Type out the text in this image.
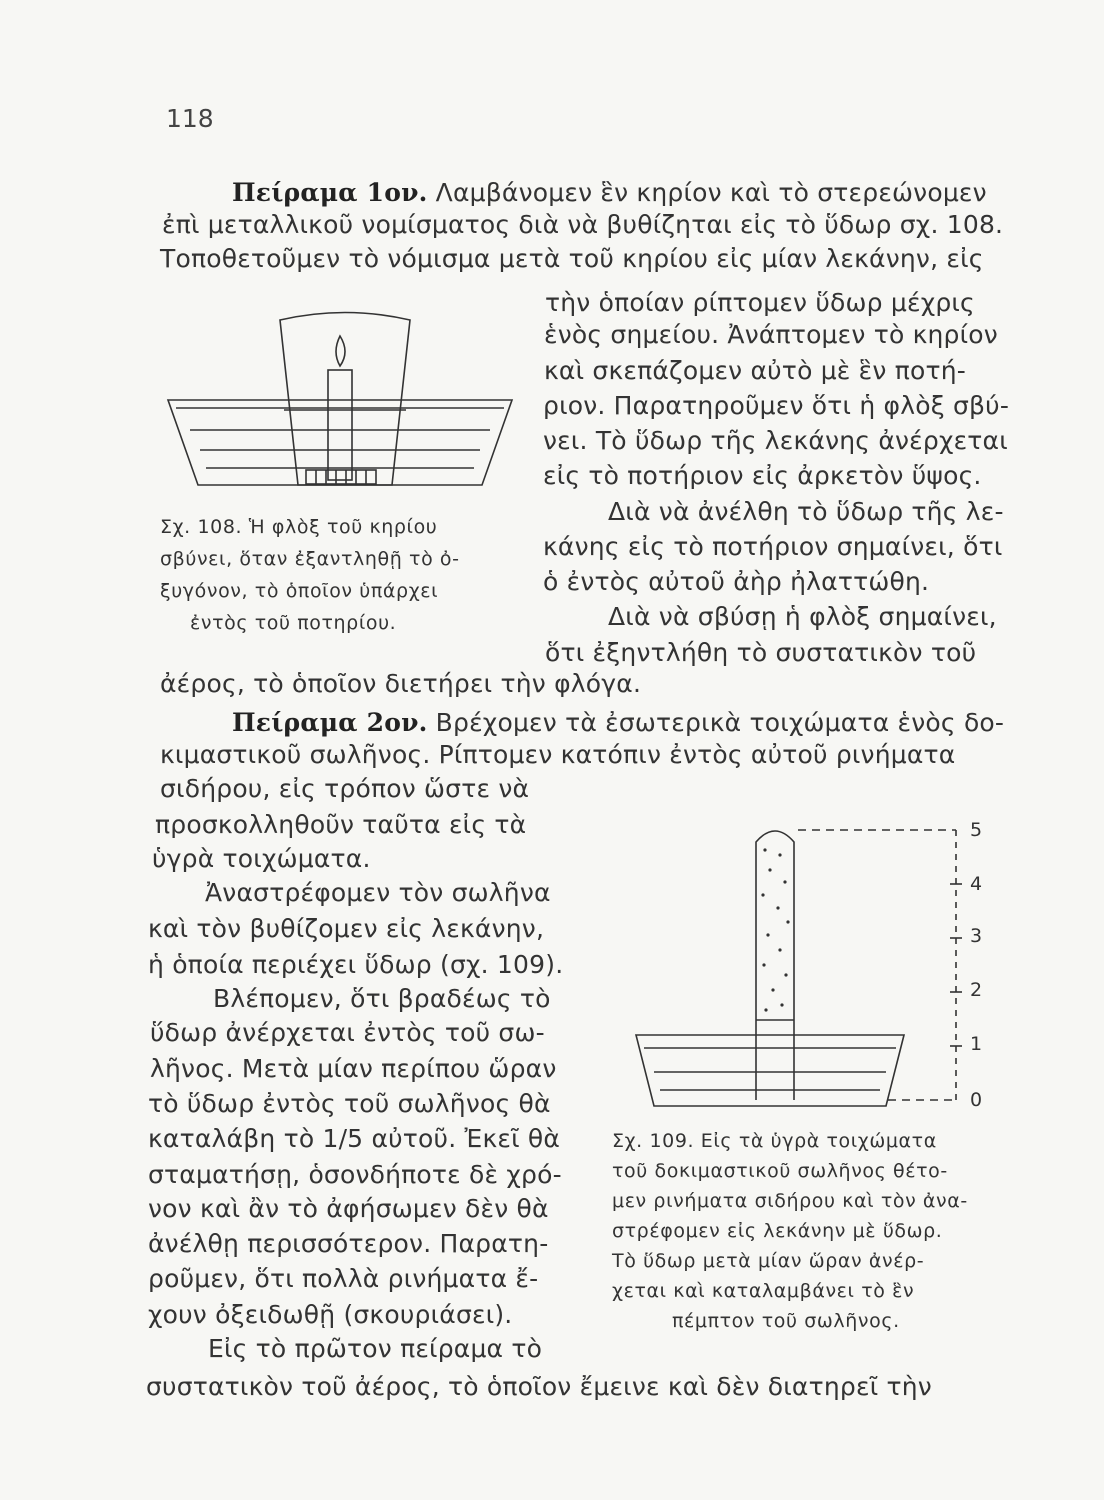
118
Πείραμα 1ον. Λαμβάνομεν ἓν κηρίον καὶ τὸ στερεώνομεν
ἐπὶ μεταλλικοῦ νομίσματος διὰ νὰ βυθίζηται εἰς τὸ ὕδωρ σχ. 108.
Τοποθετοῦμεν τὸ νόμισμα μετὰ τοῦ κηρίου εἰς μίαν λεκάνην, εἰς
τὴν ὁποίαν ρίπτομεν ὕδωρ μέχρις
ἑνὸς σημείου. Ἀνάπτομεν τὸ κηρίον
καὶ σκεπάζομεν αὐτὸ μὲ ἓν ποτή-
ριον. Παρατηροῦμεν ὅτι ἡ φλὸξ σβύ-
νει. Τὸ ὕδωρ τῆς λεκάνης ἀνέρχεται
εἰς τὸ ποτήριον εἰς ἀρκετὸν ὕψος.
Διὰ νὰ ἀνέλθη τὸ ὕδωρ τῆς λε-
κάνης εἰς τὸ ποτήριον σημαίνει, ὅτι
ὁ ἐντὸς αὐτοῦ ἀὴρ ἠλαττώθη.
Διὰ νὰ σβύσῃ ἡ φλὸξ σημαίνει,
ὅτι ἐξηντλήθη τὸ συστατικὸν τοῦ
ἀέρος, τὸ ὁποῖον διετήρει τὴν φλόγα.
Πείραμα 2ον. Βρέχομεν τὰ ἐσωτερικὰ τοιχώματα ἑνὸς δο-
κιμαστικοῦ σωλῆνος. Ρίπτομεν κατόπιν ἐντὸς αὐτοῦ ρινήματα
σιδήρου, εἰς τρόπον ὥστε νὰ
προσκολληθοῦν ταῦτα εἰς τὰ
ὑγρὰ τοιχώματα.
Ἀναστρέφομεν τὸν σωλῆνα
καὶ τὸν βυθίζομεν εἰς λεκάνην,
ἡ ὁποία περιέχει ὕδωρ (σχ. 109).
Βλέπομεν, ὅτι βραδέως τὸ
ὕδωρ ἀνέρχεται ἐντὸς τοῦ σω-
λῆνος. Μετὰ μίαν περίπου ὥραν
τὸ ὕδωρ ἐντὸς τοῦ σωλῆνος θὰ
καταλάβη τὸ 1/5 αὐτοῦ. Ἐκεῖ θὰ
σταματήσῃ, ὁσονδήποτε δὲ χρό-
νον καὶ ἂν τὸ ἀφήσωμεν δὲν θὰ
ἀνέλθῃ περισσότερον. Παρατη-
ροῦμεν, ὅτι πολλὰ ρινήματα ἔ-
χουν ὀξειδωθῇ (σκουριάσει).
Εἰς τὸ πρῶτον πείραμα τὸ
συστατικὸν τοῦ ἀέρος, τὸ ὁποῖον ἔμεινε καὶ δὲν διατηρεῖ τὴν
Σχ. 108. Ἡ φλὸξ τοῦ κηρίου
σβύνει, ὅταν ἐξαντληθῇ τὸ ὀ-
ξυγόνον, τὸ ὁποῖον ὑπάρχει
ἐντὸς τοῦ ποτηρίου.
5
4
3
2
1
0
Σχ. 109. Εἰς τὰ ὑγρὰ τοιχώματα
τοῦ δοκιμαστικοῦ σωλῆνος θέτο-
μεν ρινήματα σιδήρου καὶ τὸν ἀνα-
στρέφομεν εἰς λεκάνην μὲ ὕδωρ.
Τὸ ὕδωρ μετὰ μίαν ὥραν ἀνέρ-
χεται καὶ καταλαμβάνει τὸ ἓν
πέμπτον τοῦ σωλῆνος.
